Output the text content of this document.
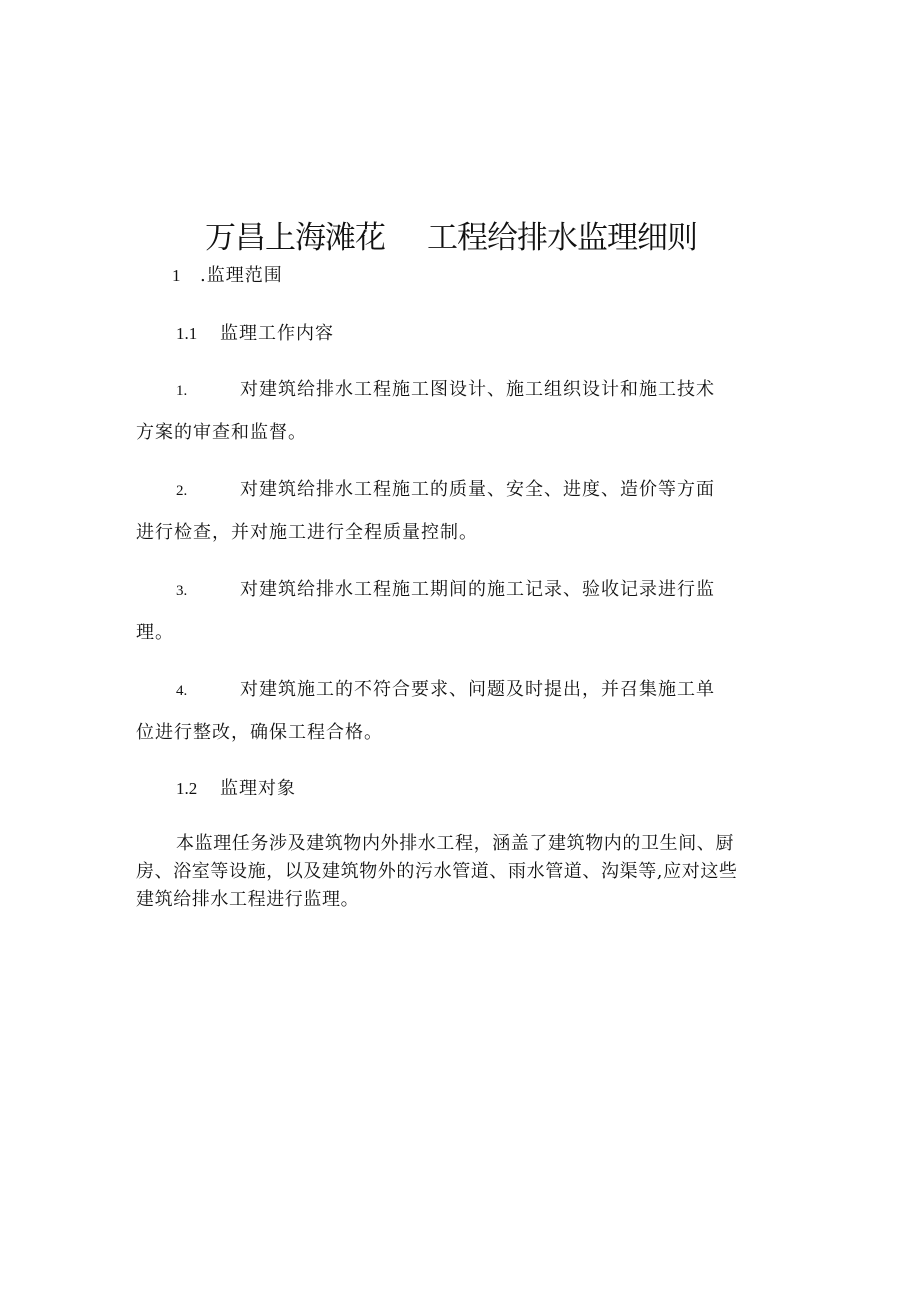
万昌上海滩花 工程给排水监理细则
1 .监理范围
1.1 监理工作内容
1.	对建筑给排水工程施工图设计、施工组织设计和施工技术
方案的审查和监督。
2.	对建筑给排水工程施工的质量、安全、进度、造价等方面
进行检查，并对施工进行全程质量控制。
3.	对建筑给排水工程施工期间的施工记录、验收记录进行监
理。
4.	对建筑施工的不符合要求、问题及时提出，并召集施工单
位进行整改，确保工程合格。
1.2 监理对象
本监理任务涉及建筑物内外排水工程，涵盖了建筑物内的卫生间、厨
房、浴室等设施，以及建筑物外的污水管道、雨水管道、沟渠等,应对这些
建筑给排水工程进行监理。
